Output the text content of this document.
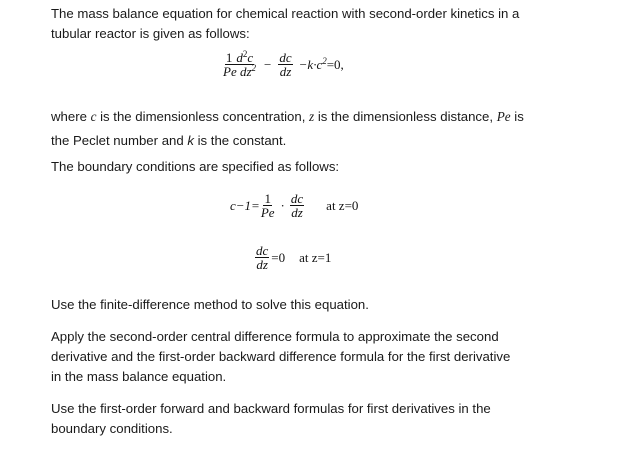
The mass balance equation for chemical reaction with second-order kinetics in a

tubular reactor is given as follows:

$\frac{1 d^2c}{Pe dz^2} - \frac{dc}{dz} -k\cdot c^2 =0$,

where c is the dimensionless concentration, z is the dimensionless distance, Pe is

the Peclet number and k is the constant.

The boundary conditions are specified as follows:

$c-1= \frac{1}{Pe} \cdot \frac{dc}{dz}$ at z=0
$\frac{dc}{dz} =0$ at z=1

Use the finite-difference method to solve this equation.

Apply the second-order central difference formula to approximate the second

derivative and the first-order backward difference formula for the first derivative

in the mass balance equation.

Use the first-order forward and backward formulas for first derivatives in the

boundary conditions.
